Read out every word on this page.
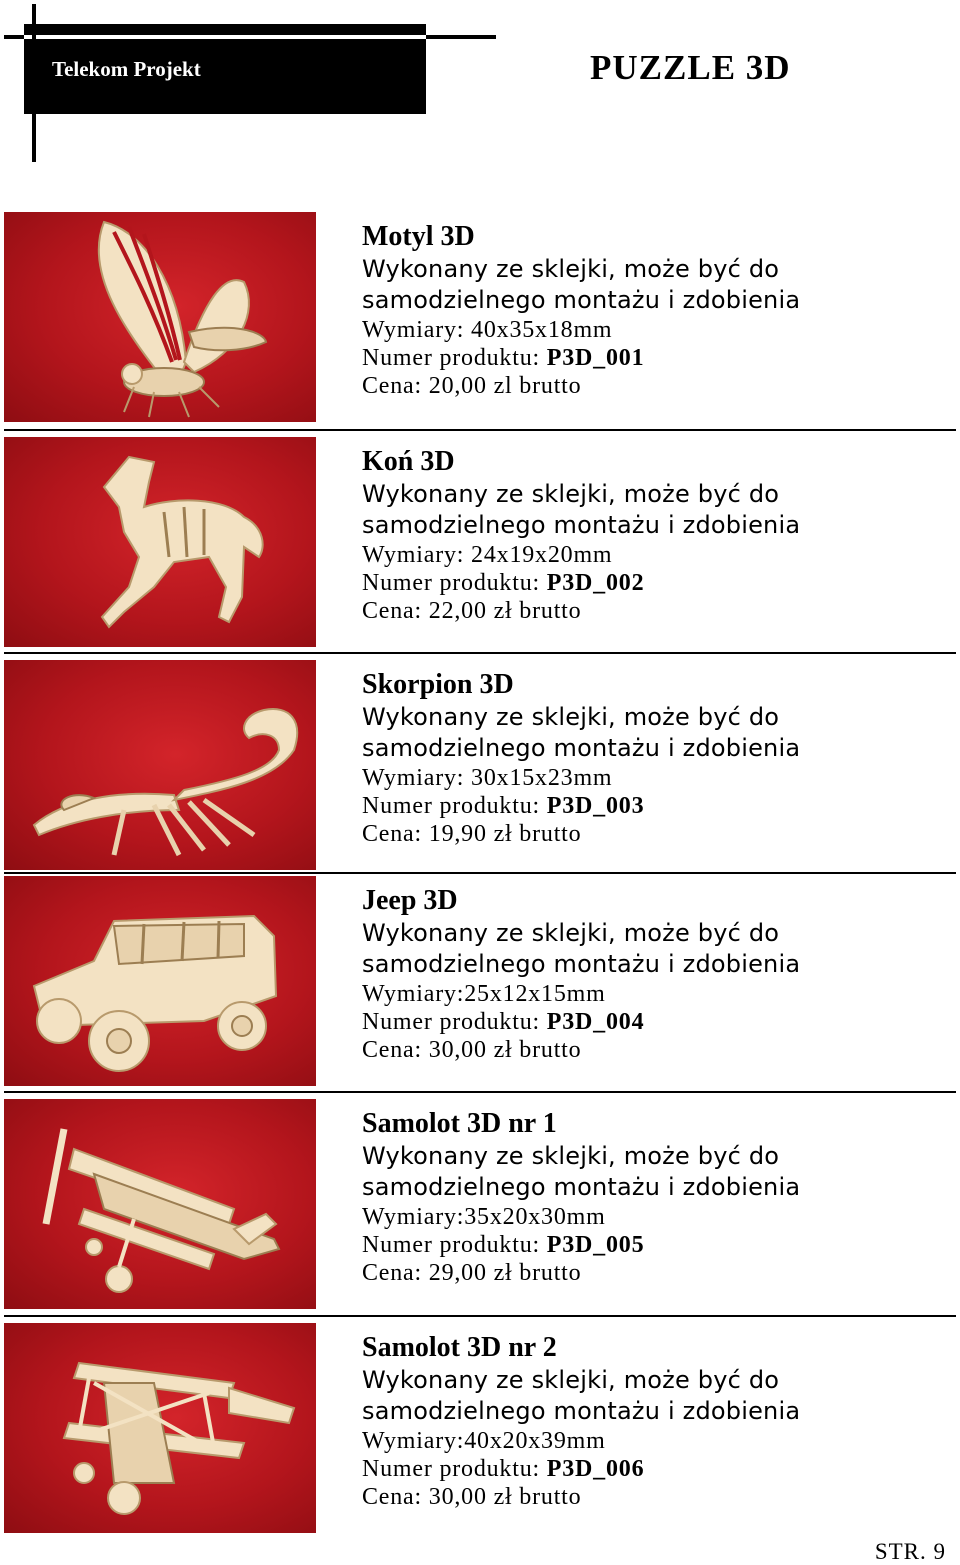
Telekom Projekt	PUZZLE 3D
Motyl 3D
Wykonany ze sklejki, może być do
samodzielnego montażu i zdobienia
Wymiary: 40x35x18mm
Numer produktu: P3D_001
Cena: 20,00 zl brutto
Koń 3D
Wykonany ze sklejki, może być do
samodzielnego montażu i zdobienia
Wymiary: 24x19x20mm
Numer produktu: P3D_002
Cena: 22,00 zł brutto
Skorpion 3D
Wykonany ze sklejki, może być do
samodzielnego montażu i zdobienia
Wymiary: 30x15x23mm
Numer produktu: P3D_003
Cena: 19,90 zł brutto
Jeep 3D
Wykonany ze sklejki, może być do
samodzielnego montażu i zdobienia
Wymiary:25x12x15mm
Numer produktu: P3D_004
Cena: 30,00 zł brutto
Samolot 3D nr 1
Wykonany ze sklejki, może być do
samodzielnego montażu i zdobienia
Wymiary:35x20x30mm
Numer produktu: P3D_005
Cena: 29,00 zł brutto
Samolot 3D nr 2
Wykonany ze sklejki, może być do
samodzielnego montażu i zdobienia
Wymiary:40x20x39mm
Numer produktu: P3D_006
Cena: 30,00 zł brutto
STR. 9
